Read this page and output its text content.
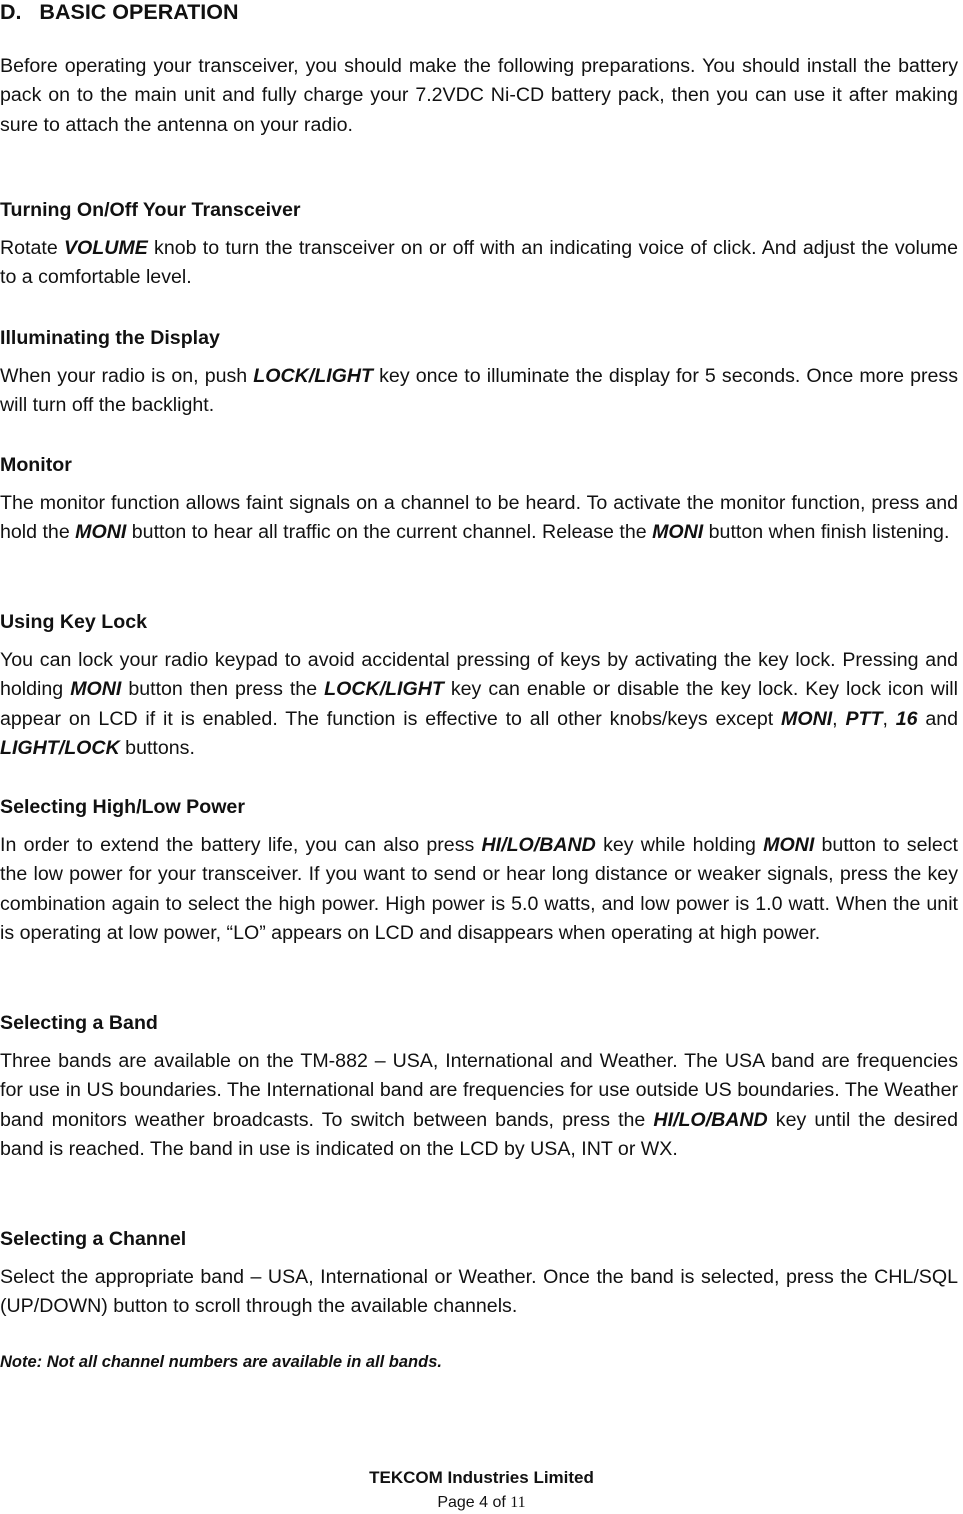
D.   BASIC OPERATION

Before operating your transceiver, you should make the following preparations. You should install the battery pack on to the main unit and fully charge your 7.2VDC Ni-CD battery pack, then you can use it after making sure to attach the antenna on your radio.

Turning On/Off Your Transceiver

Rotate VOLUME knob to turn the transceiver on or off with an indicating voice of click. And adjust the volume to a comfortable level.

Illuminating the Display

When your radio is on, push LOCK/LIGHT key once to illuminate the display for 5 seconds. Once more press will turn off the backlight.

Monitor

The monitor function allows faint signals on a channel to be heard. To activate the monitor function, press and hold the MONI button to hear all traffic on the current channel. Release the MONI button when finish listening.

Using Key Lock

You can lock your radio keypad to avoid accidental pressing of keys by activating the key lock. Pressing and holding MONI button then press the LOCK/LIGHT key can enable or disable the key lock. Key lock icon will appear on LCD if it is enabled. The function is effective to all other knobs/keys except MONI, PTT, 16 and LIGHT/LOCK buttons.

Selecting High/Low Power

In order to extend the battery life, you can also press HI/LO/BAND key while holding MONI button to select the low power for your transceiver. If you want to send or hear long distance or weaker signals, press the key combination again to select the high power. High power is 5.0 watts, and low power is 1.0 watt. When the unit is operating at low power, “LO” appears on LCD and disappears when operating at high power.

Selecting a Band

Three bands are available on the TM-882 – USA, International and Weather. The USA band are frequencies for use in US boundaries. The International band are frequencies for use outside US boundaries. The Weather band monitors weather broadcasts. To switch between bands, press the HI/LO/BAND key until the desired band is reached. The band in use is indicated on the LCD by USA, INT or WX.

Selecting a Channel

Select the appropriate band – USA, International or Weather. Once the band is selected, press the CHL/SQL (UP/DOWN) button to scroll through the available channels.

Note: Not all channel numbers are available in all bands.
TEKCOM Industries Limited
Page 4 of 11
